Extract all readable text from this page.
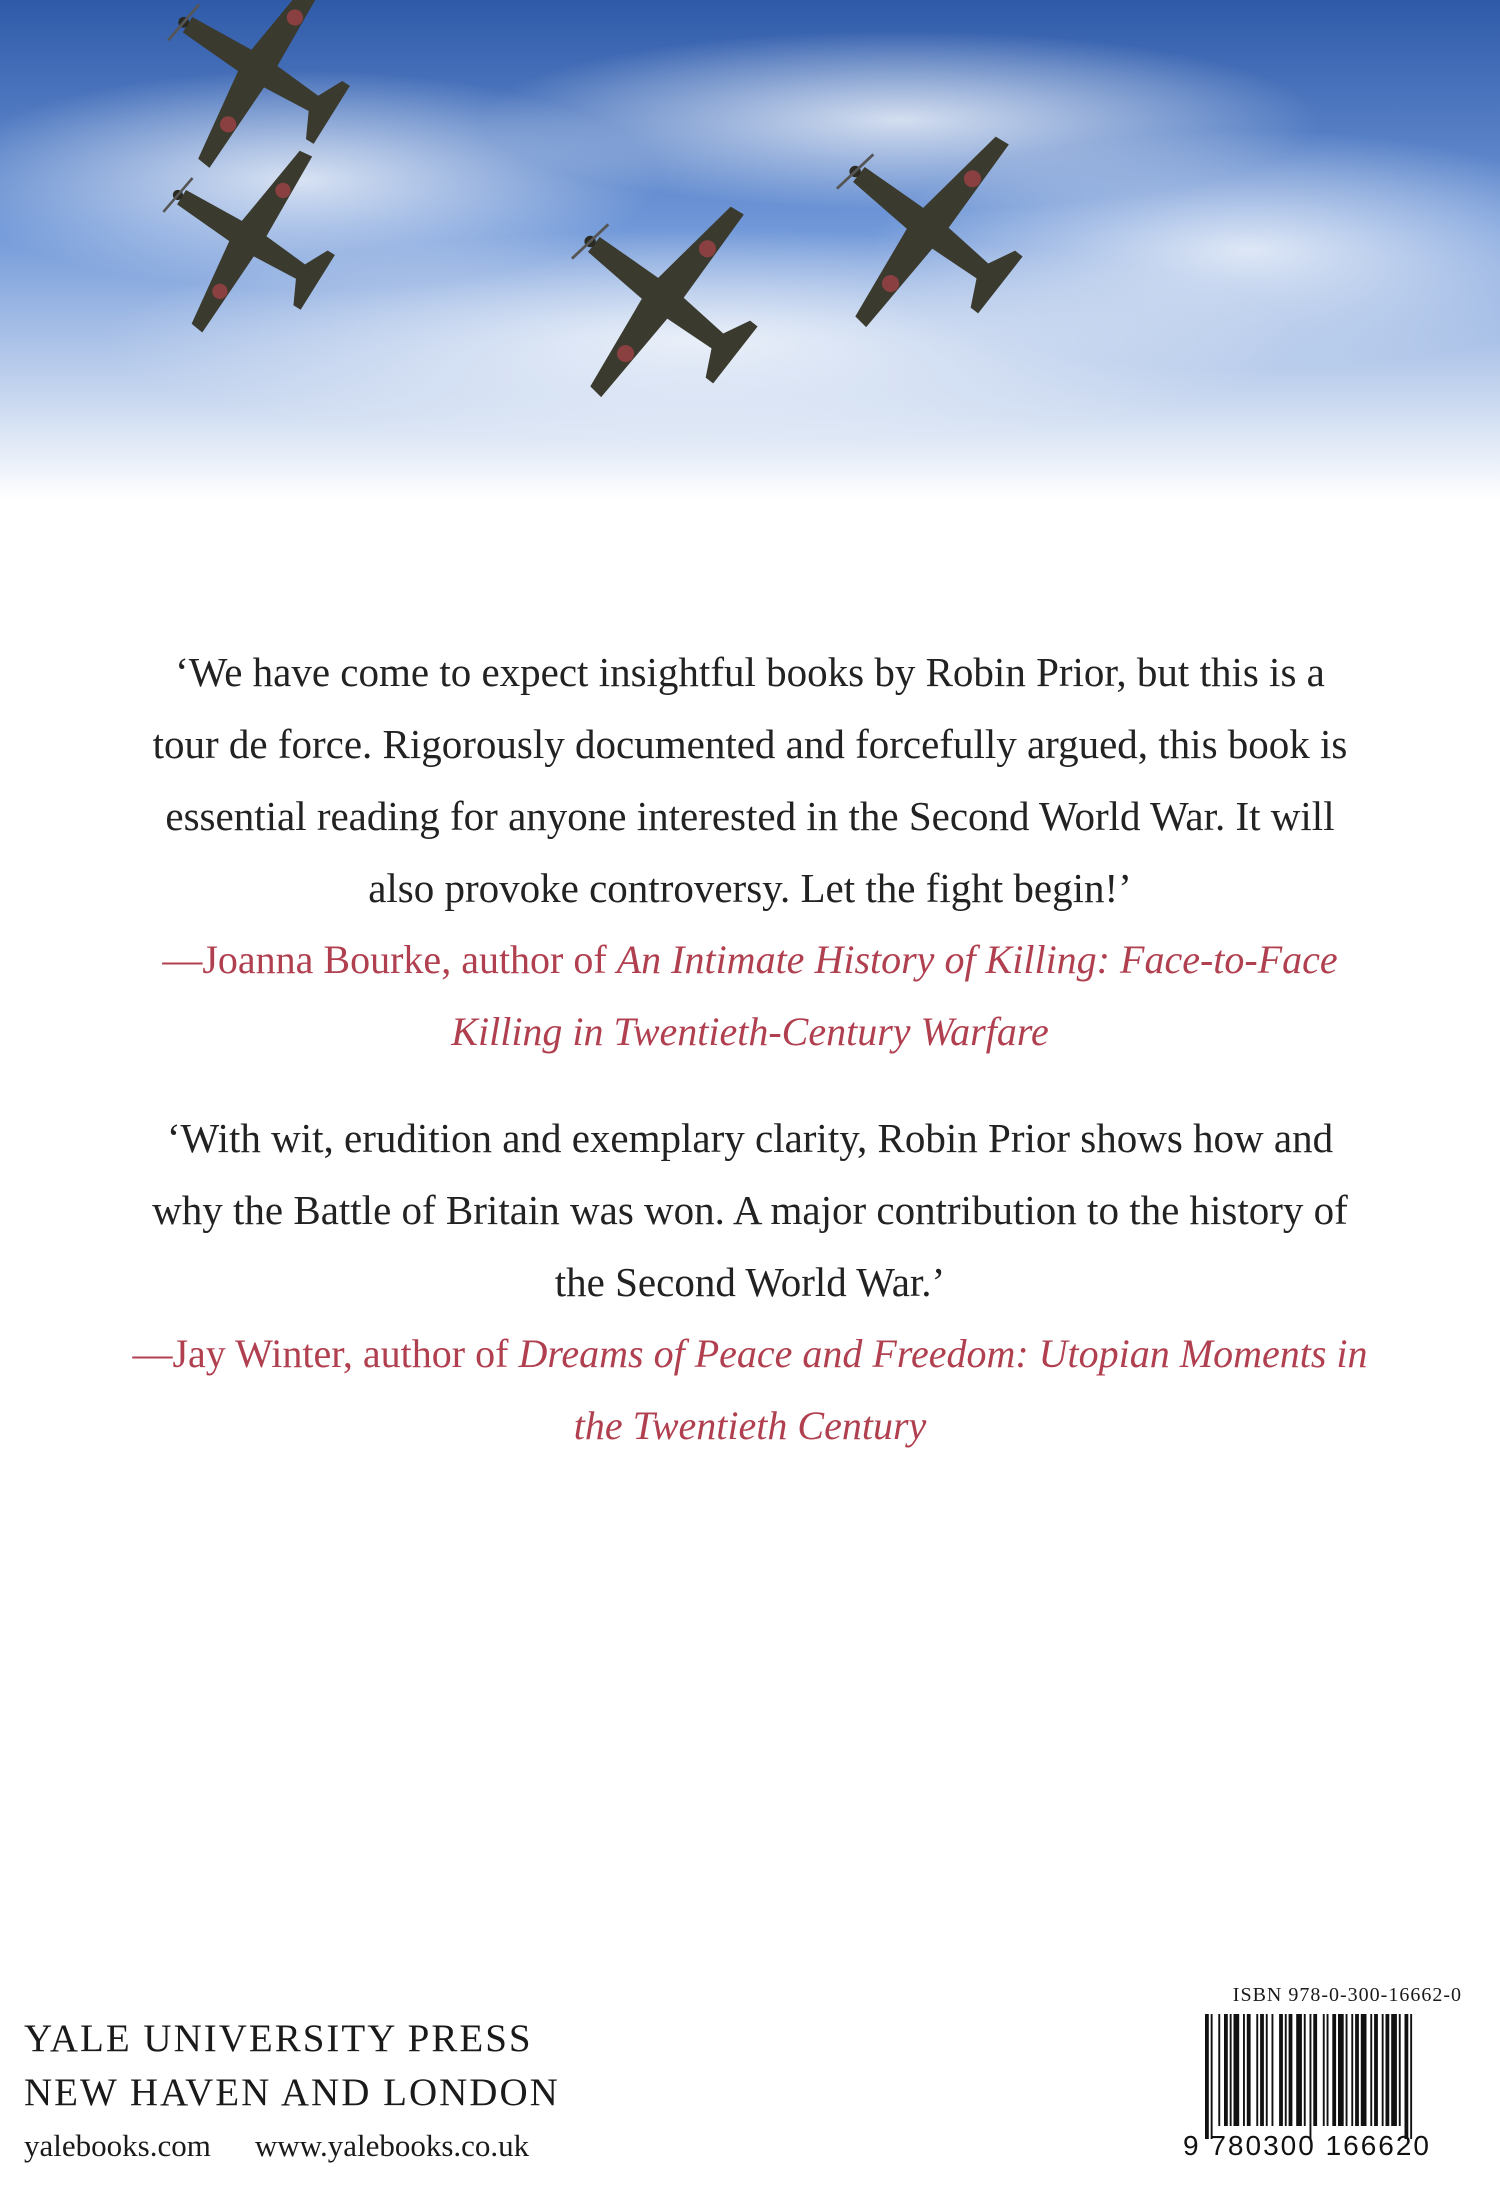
‘We have come to expect insightful books by Robin Prior, but this is a

tour de force. Rigorously documented and forcefully argued, this book is

essential reading for anyone interested in the Second World War. It will

also provoke controversy. Let the fight begin!’

—Joanna Bourke, author of An Intimate History of Killing: Face-to-Face

Killing in Twentieth-Century Warfare

‘With wit, erudition and exemplary clarity, Robin Prior shows how and

why the Battle of Britain was won. A major contribution to the history of

the Second World War.’

—Jay Winter, author of Dreams of Peace and Freedom: Utopian Moments in

the Twentieth Century

YALE UNIVERSITY PRESS

NEW HAVEN AND LONDON

yalebooks.com www.yalebooks.co.uk
ISBN 978-0-300-16662-0
9 780300 166620
